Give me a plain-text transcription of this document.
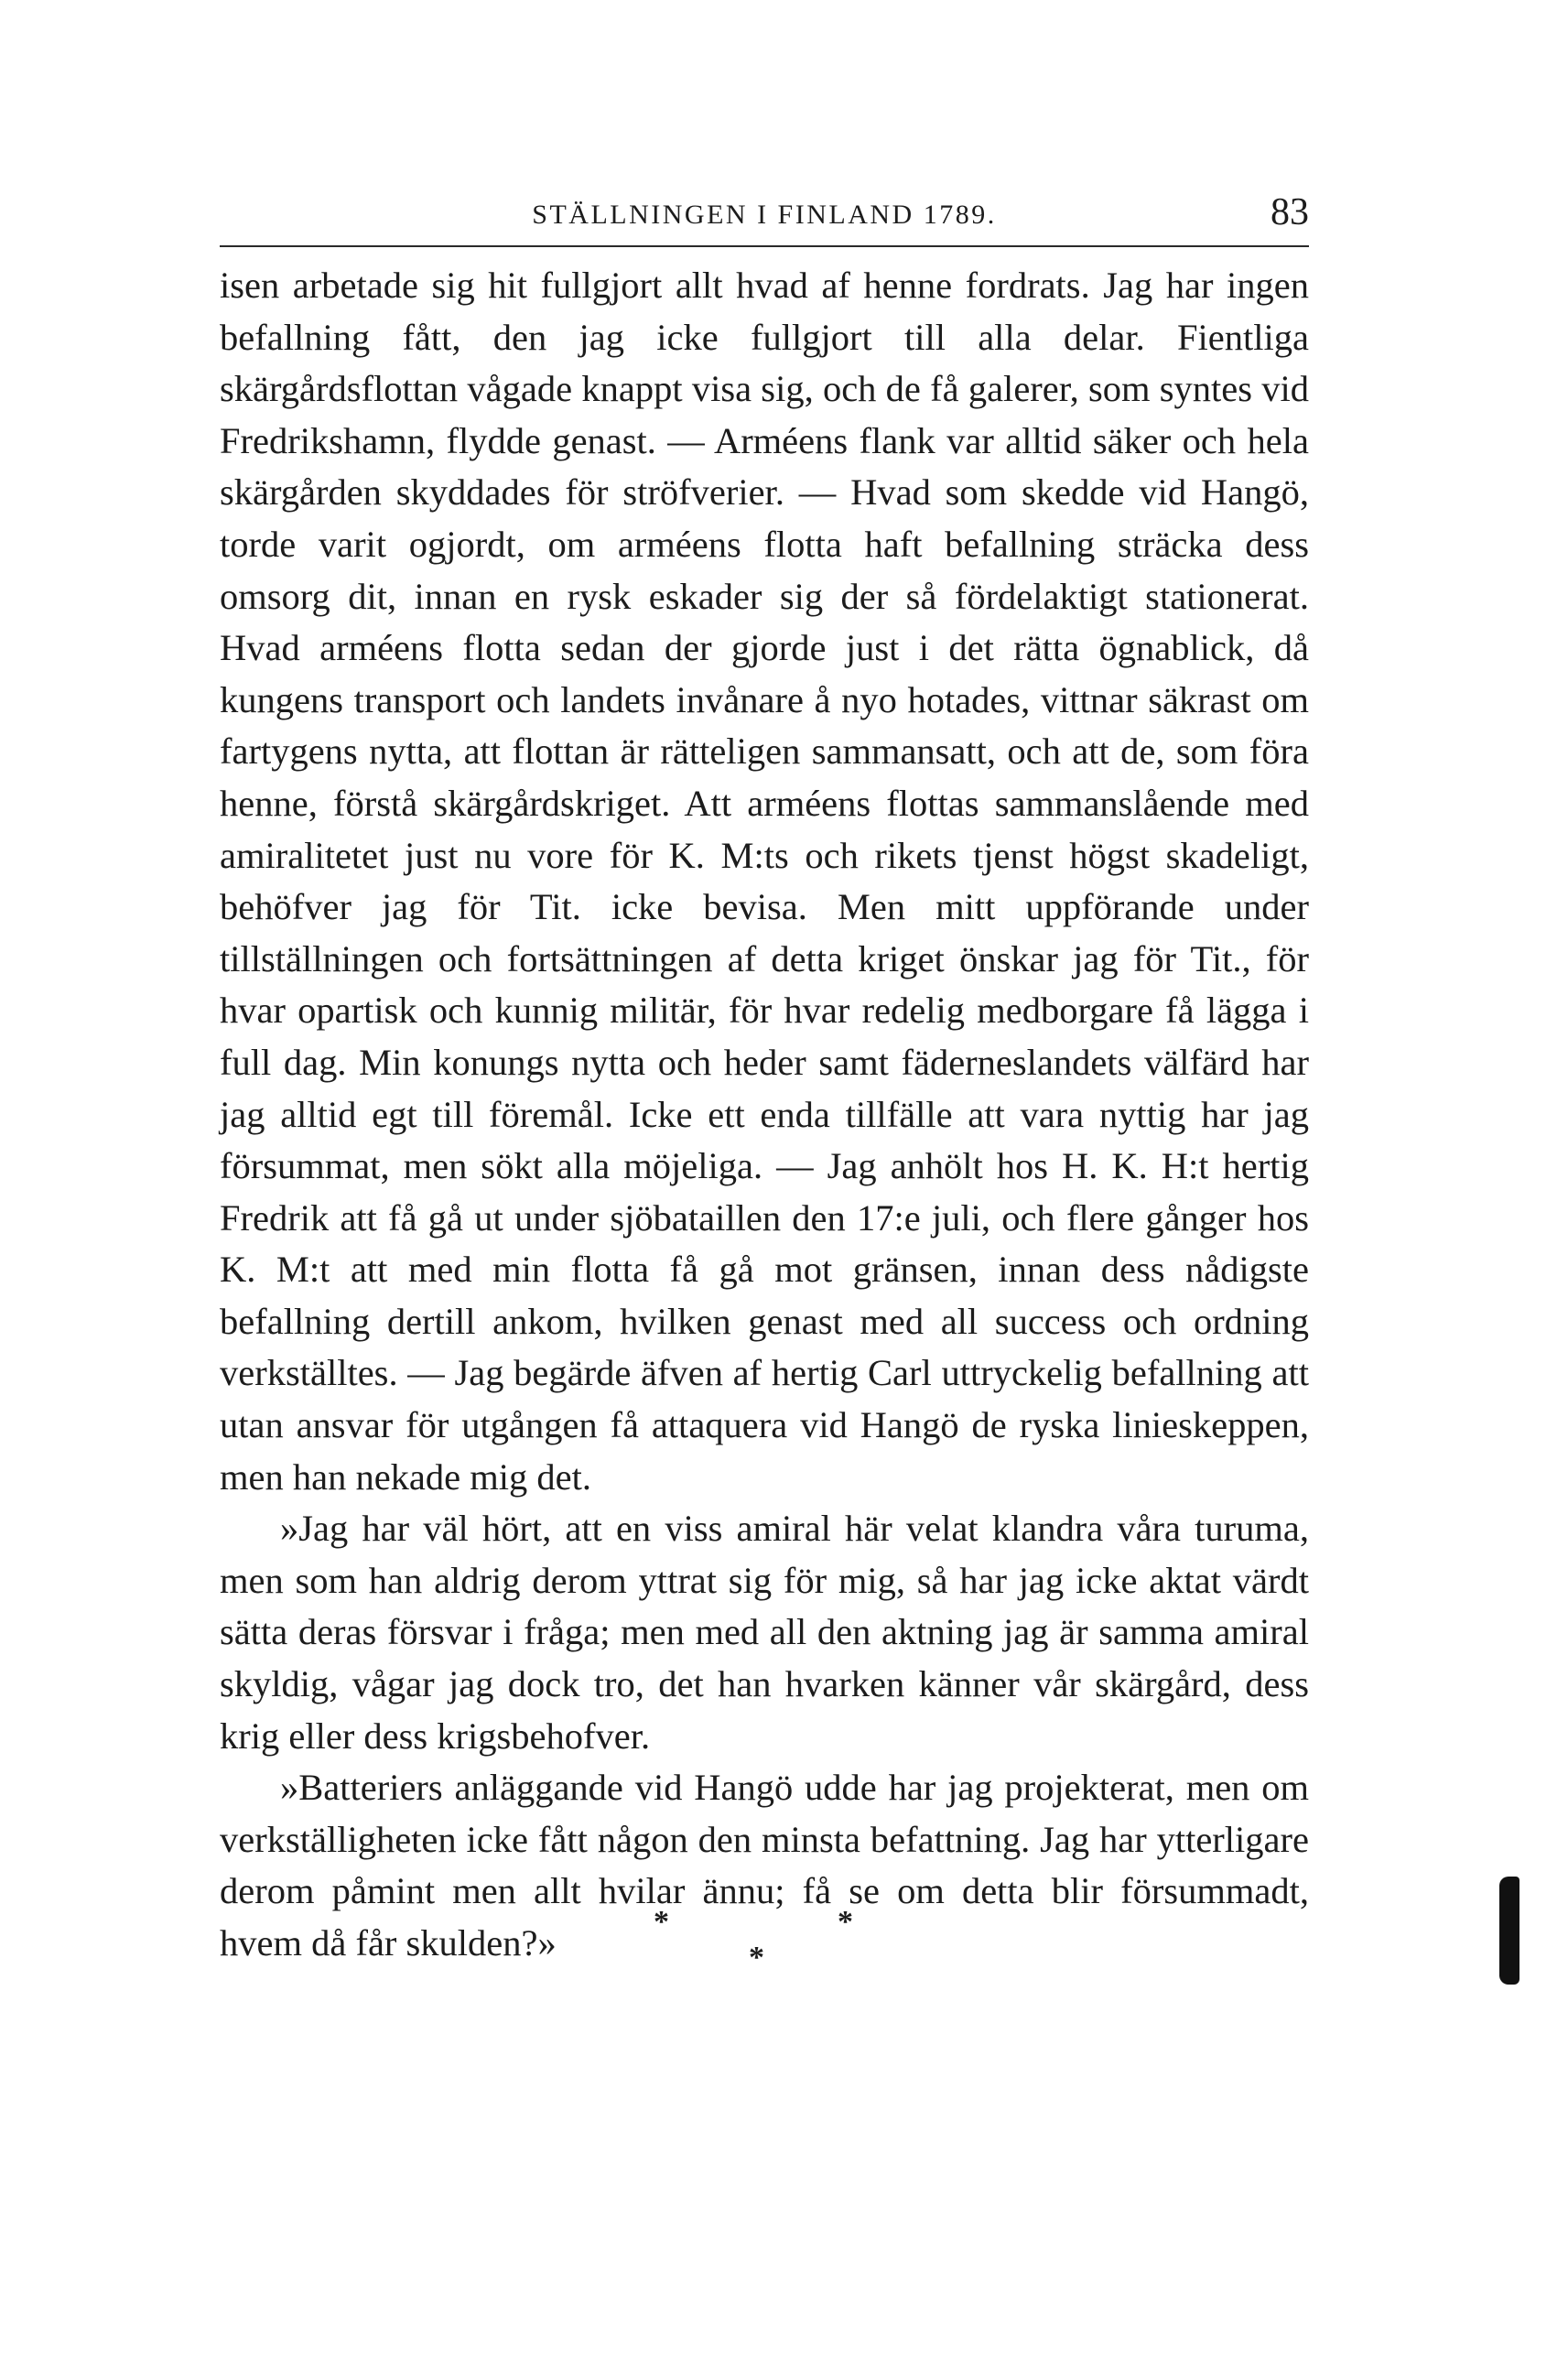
STÄLLNINGEN I FINLAND 1789.	83

isen arbetade sig hit fullgjort allt hvad af henne fordrats. Jag har ingen befallning fått, den jag icke fullgjort till alla delar. Fientliga skärgårdsflottan vågade knappt visa sig, och de få galerer, som syntes vid Fredrikshamn, flydde genast. — Arméens flank var alltid säker och hela skärgården skyddades för ströfverier. — Hvad som skedde vid Hangö, torde varit ogjordt, om arméens flotta haft befallning sträcka dess omsorg dit, innan en rysk eskader sig der så fördelaktigt stationerat. Hvad arméens flotta sedan der gjorde just i det rätta ögnablick, då kungens transport och landets invånare å nyo hotades, vittnar säkrast om fartygens nytta, att flottan är rätteligen sammansatt, och att de, som föra henne, förstå skärgårdskriget. Att arméens flottas sammanslående med amiralitetet just nu vore för K. M:ts och rikets tjenst högst skadeligt, behöfver jag för Tit. icke bevisa. Men mitt uppförande under tillställningen och fortsättningen af detta kriget önskar jag för Tit., för hvar opartisk och kunnig militär, för hvar redelig medborgare få lägga i full dag. Min konungs nytta och heder samt fäderneslandets välfärd har jag alltid egt till föremål. Icke ett enda tillfälle att vara nyttig har jag försummat, men sökt alla möjeliga. — Jag anhölt hos H. K. H:t hertig Fredrik att få gå ut under sjöbataillen den 17:e juli, och flere gånger hos K. M:t att med min flotta få gå mot gränsen, innan dess nådigste befallning dertill ankom, hvilken genast med all success och ordning verkställtes. — Jag begärde äfven af hertig Carl uttryckelig befallning att utan ansvar för utgången få attaquera vid Hangö de ryska linieskeppen, men han nekade mig det.

»Jag har väl hört, att en viss amiral här velat klandra våra turuma, men som han aldrig derom yttrat sig för mig, så har jag icke aktat värdt sätta deras försvar i fråga; men med all den aktning jag är samma amiral skyldig, vågar jag dock tro, det han hvarken känner vår skärgård, dess krig eller dess krigsbehofver.

»Batteriers anläggande vid Hangö udde har jag projekterat, men om verkställigheten icke fått någon den minsta befattning. Jag har ytterligare derom påmint men allt hvilar ännu; få se om detta blir försummadt, hvem då får skulden?»

*
*
*
